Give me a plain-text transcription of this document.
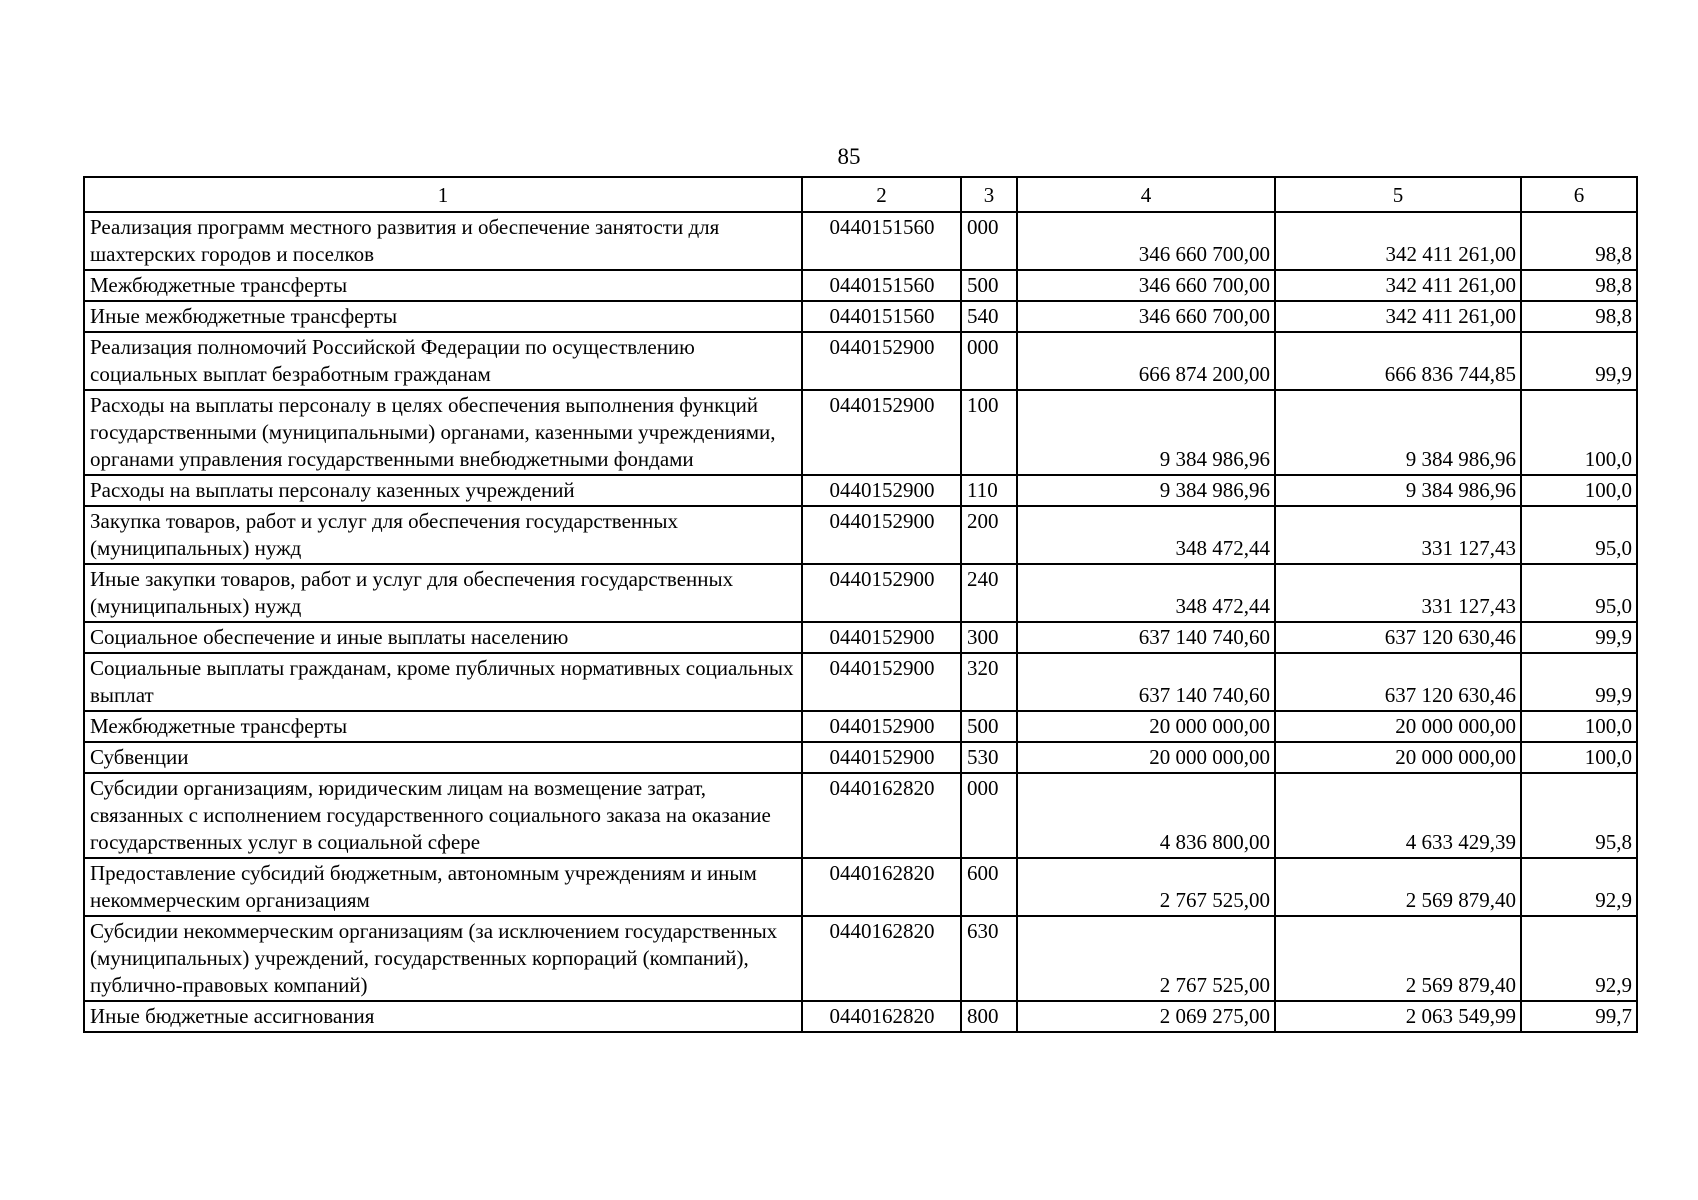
85
1	2	3	4	5	6
Реализация программ местного развития и обеспечение занятости для шахтерских городов и поселков	0440151560	000	346 660 700,00	342 411 261,00	98,8
Межбюджетные трансферты	0440151560	500	346 660 700,00	342 411 261,00	98,8
Иные межбюджетные трансферты	0440151560	540	346 660 700,00	342 411 261,00	98,8
Реализация полномочий Российской Федерации по осуществлению социальных выплат безработным гражданам	0440152900	000	666 874 200,00	666 836 744,85	99,9
Расходы на выплаты персоналу в целях обеспечения выполнения функций государственными (муниципальными) органами, казенными учреждениями, органами управления государственными внебюджетными фондами	0440152900	100	9 384 986,96	9 384 986,96	100,0
Расходы на выплаты персоналу казенных учреждений	0440152900	110	9 384 986,96	9 384 986,96	100,0
Закупка товаров, работ и услуг для обеспечения государственных (муниципальных) нужд	0440152900	200	348 472,44	331 127,43	95,0
Иные закупки товаров, работ и услуг для обеспечения государственных (муниципальных) нужд	0440152900	240	348 472,44	331 127,43	95,0
Социальное обеспечение и иные выплаты населению	0440152900	300	637 140 740,60	637 120 630,46	99,9
Социальные выплаты гражданам, кроме публичных нормативных социальных выплат	0440152900	320	637 140 740,60	637 120 630,46	99,9
Межбюджетные трансферты	0440152900	500	20 000 000,00	20 000 000,00	100,0
Субвенции	0440152900	530	20 000 000,00	20 000 000,00	100,0
Субсидии организациям, юридическим лицам на возмещение затрат, связанных с исполнением государственного социального заказа на оказание государственных услуг в социальной сфере	0440162820	000	4 836 800,00	4 633 429,39	95,8
Предоставление субсидий бюджетным, автономным учреждениям и иным некоммерческим организациям	0440162820	600	2 767 525,00	2 569 879,40	92,9
Субсидии некоммерческим организациям (за исключением государственных (муниципальных) учреждений, государственных корпораций (компаний), публично-правовых компаний)	0440162820	630	2 767 525,00	2 569 879,40	92,9
Иные бюджетные ассигнования	0440162820	800	2 069 275,00	2 063 549,99	99,7
